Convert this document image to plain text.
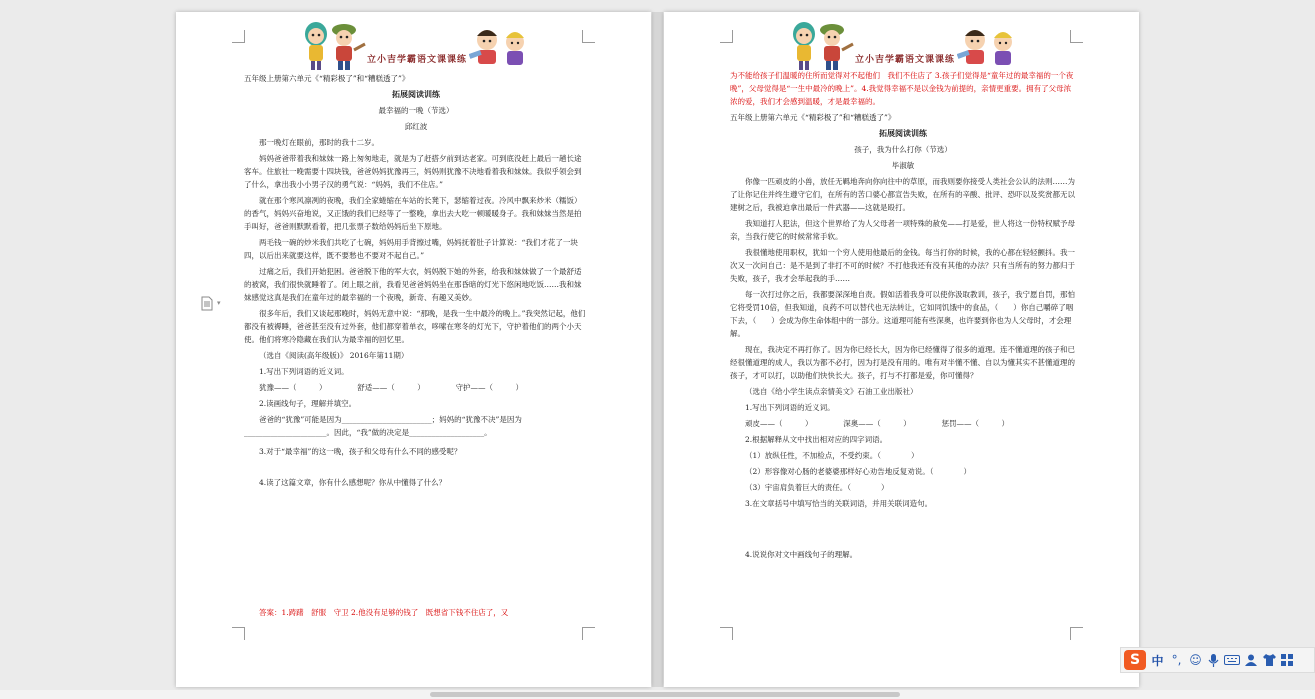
立小吉学霸语文课课练

五年级上册第六单元《“精彩极了”和“糟糕透了”》

拓展阅读训练

最幸福的一晚（节选）

邱红波

那一晚灯在眼前，那时的我十二岁。

妈妈爸爸带着我和妹妹一路上匆匆地走，就是为了赶搭夕前到达老家。可到底没赶上最后一趟长途客车。住旅社一晚需要十四块钱，爸爸妈妈犹豫再三，妈妈则犹豫不决地看着我和妹妹。我似乎领会到了什么，拿出我小小男子汉的勇气说：“妈妈，我们不住店。”

就在那个寒风凛冽的夜晚，我们全家蜷缩在车站的长凳下，瑟缩着过夜。冷风中飘来炒米（糯饭）的香气，妈妈兴奋地说，又正饿的我们已经等了一整晚，拿出去大吃一顿暖暖身子。我和妹妹当然是拍手叫好，爸爸则默默看着，把几张票子数给妈妈后坐下原地。

两毛钱一碗的炒米我们共吃了七碗，妈妈用手背擦过嘴，妈妈抚着肚子计算说：“我们才花了一块四，以后出来就要这样，既不要愁也不要对不起自己。”

过痛之后，我们开始犯困。爸爸脱下他的军大衣，妈妈脱下她的外套，给我和妹妹做了一个最舒适的被窝，我们很快就睡着了。闭上眼之前，我看见爸爸妈妈坐在那昏暗的灯光下悠闲地吃饭……我和妹妹感觉这真是我们在童年过的最幸福的一个夜晚，新奇、有趣又美妙。

很多年后，我们又谈起那晚时，妈妈无意中说：“那晚，是我一生中最冷的晚上。”我突然记起，他们都没有被褥睡，爸爸甚至没有过外套，他们都穿着单衣，哆嗦在寒冬的灯光下，守护着他们的两个小天使。他们将寒冷隐藏在我们认为最幸福的回忆里。

（选自《阅读(高年级版)》 2016年第11期）

1.写出下列词语的近义词。

犹豫——（　　　）	舒适——（　　　）	守护——（　　　）

2.读画线句子，理解并填空。

爸爸的“犹豫”可能是因为________________________；妈妈的“犹豫不决”是因为______________________。因此，“我”做的决定是____________________。

3.对于“最幸福”的这一晚，孩子和父母有什么不同的感受呢？

4.读了这篇文章，你有什么感想呢？你从中懂得了什么？

答案：1.踌躇　舒服　守卫 2.他没有足够的钱了　既想省下钱不住店了，又

立小吉学霸语文课课练

为不能给孩子们温暖的住所而觉得对不起他们　我们不住店了 3.孩子们觉得是“童年过的最幸福的一个夜晚”，父母觉得是“一生中最冷的晚上”。4.我觉得幸福不是以金钱为前提的，亲情更重要。拥有了父母浓浓的爱，我们才会感到温暖，才是最幸福的。

五年级上册第六单元《“精彩极了”和“糟糕透了”》

拓展阅读训练

孩子，我为什么打你（节选）

毕淑敏

你像一匹顽皮的小兽，放任无羁地奔向你向往中的草原，而我则要你接受人类社会公认的法则……为了让你记住并终生遵守它们，在所有的苦口婆心都宣告失败，在所有的辛酸、批评、恐吓以及奖赏都无以建树之后，我被迫拿出最后一件武器——这就是殴打。

我知道打人犯法，但这个世界给了为人父母者一项特殊的赦免——打是爱，世人将这一份特权赋予母亲，当我行使它的时候常常手软。

我很懂地使用职权，犹如一个穷人使用他最后的金钱。每当打你的时候，我的心都在轻轻颤抖。我一次又一次问自己：是不是到了非打不可的时候？不打他我还有没有其他的办法？只有当所有的努力都归于失败，孩子，我才会举起我的手……

每一次打过你之后，我都要深深地自责。假如活着我身可以使你汲取教训，孩子，我宁愿自罚，那怕它将受罚10倍，但我知道，良药不可以替代也无法转让，它如同饥饿中的食品，（　　）你自己嚼碎了咽下去，（　　）会成为你生命体组中的一部分。这道理可能有些深奥，也许要到你也为人父母时，才会理解。

现在，我决定不再打你了。因为你已经长大，因为你已经懂得了很多的道理。连不懂道理的孩子和已经很懂道理的成人，我以为都不必打，因为打是没有用的。唯有对半懂不懂、自以为懂其实不甚懂道理的孩子，才可以打，以助他们快快长大。孩子，打与不打都是爱，你可懂得？

（选自《给小学生读点亲情美文》石油工业出版社）

1.写出下列词语的近义词。

顽皮——（　　　）	深奥——（　　　）	惩罚——（　　　）

2.根据解释从文中找出相对应的四字词语。

（1）放纵任性，不加检点，不受约束。（　　　　）

（2）形容像对心肠的老婆婆那样好心劝告地反复劝说。（　　　　）

（3）宇宙肩负着巨大的责任。（　　　　）

3.在文章括号中填写恰当的关联词语，并用关联词造句。

4.说说你对文中画线句子的理解。

▾
S 中 °, ☺
